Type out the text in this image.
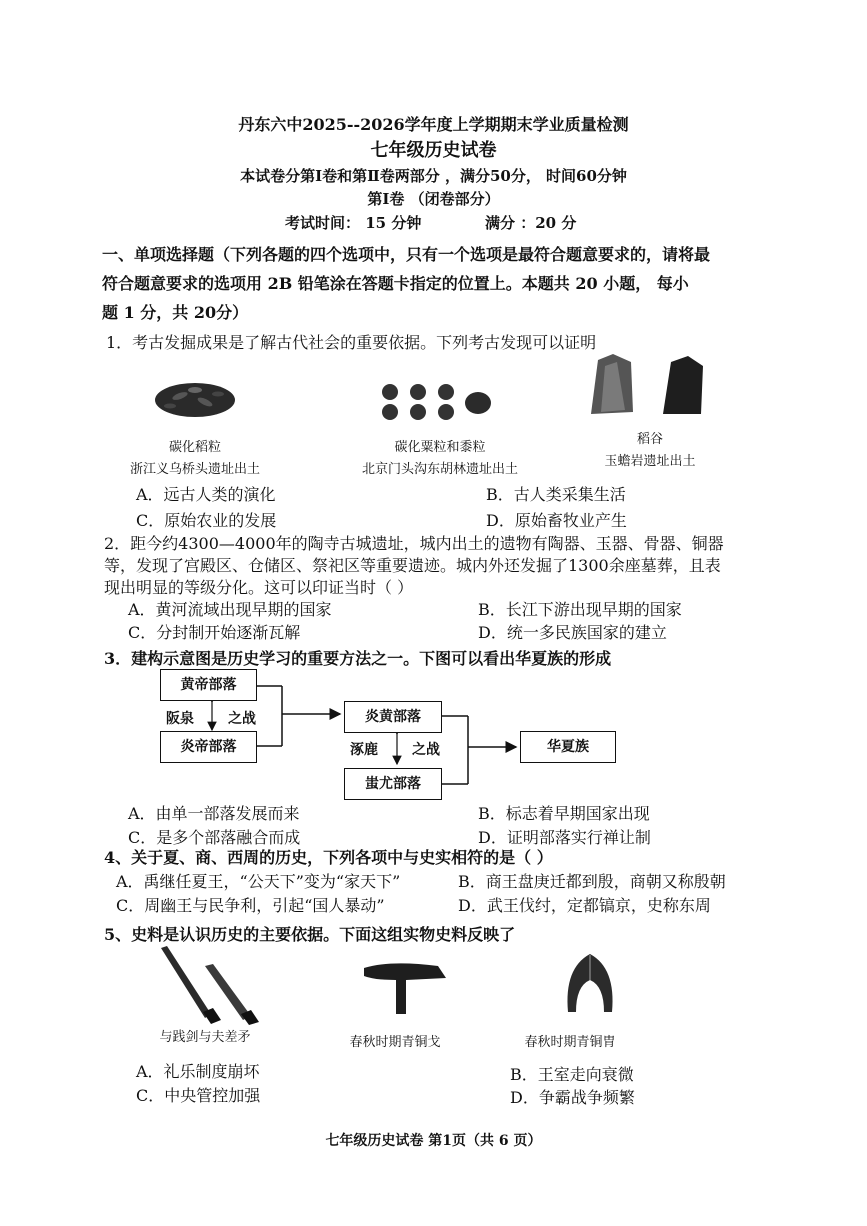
丹东六中2025--2026学年度上学期期末学业质量检测
七年级历史试卷
本试卷分第Ⅰ卷和第Ⅱ卷两部分 ，满分50分， 时间60分钟
第Ⅰ卷 （闭卷部分）
考试时间： 15 分钟	满分 ：20 分
一、单项选择题（下列各题的四个选项中，只有一个选项是最符合题意要求的，请将最
符合题意要求的选项用 2B 铅笔涂在答题卡指定的位置上。本题共 20 小题， 每小
题 1 分，共 20分）
1．考古发掘成果是了解古代社会的重要依据。下列考古发现可以证明
碳化稻粒
浙江义乌桥头遗址出土
碳化粟粒和黍粒
北京门头沟东胡林遗址出土
稻谷
玉蟾岩遗址出土
A．远古人类的演化	B．古人类采集生活
C．原始农业的发展	D．原始畜牧业产生
2．距今约4300—4000年的陶寺古城遗址，城内出土的遗物有陶器、玉器、骨器、铜器
等，发现了宫殿区、仓储区、祭祀区等重要遗迹。城内外还发掘了1300余座墓葬，且表
现出明显的等级分化。这可以印证当时（ ）
A．黄河流域出现早期的国家	B．长江下游出现早期的国家
C．分封制开始逐渐瓦解	D．统一多民族国家的建立
3．建构示意图是历史学习的重要方法之一。下图可以看出华夏族的形成
黄帝部落
炎帝部落
阪泉 之战	炎黄部落
蚩尤部落
涿鹿 之战	华夏族
A．由单一部落发展而来	B．标志着早期国家出现
C．是多个部落融合而成	D．证明部落实行禅让制
4、关于夏、商、西周的历史，下列各项中与史实相符的是（ ）
A．禹继任夏王，“公天下”变为“家天下”	B．商王盘庚迁都到殷，商朝又称殷朝
C．周幽王与民争利，引起“国人暴动”	D．武王伐纣，定都镐京，史称东周
5、史料是认识历史的主要依据。下面这组实物史料反映了
与践剑与夫差矛	春秋时期青铜戈	春秋时期青铜胄
A．礼乐制度崩坏	B．王室走向衰微
C．中央管控加强	D．争霸战争频繁
七年级历史试卷 第1页（共 6 页）
